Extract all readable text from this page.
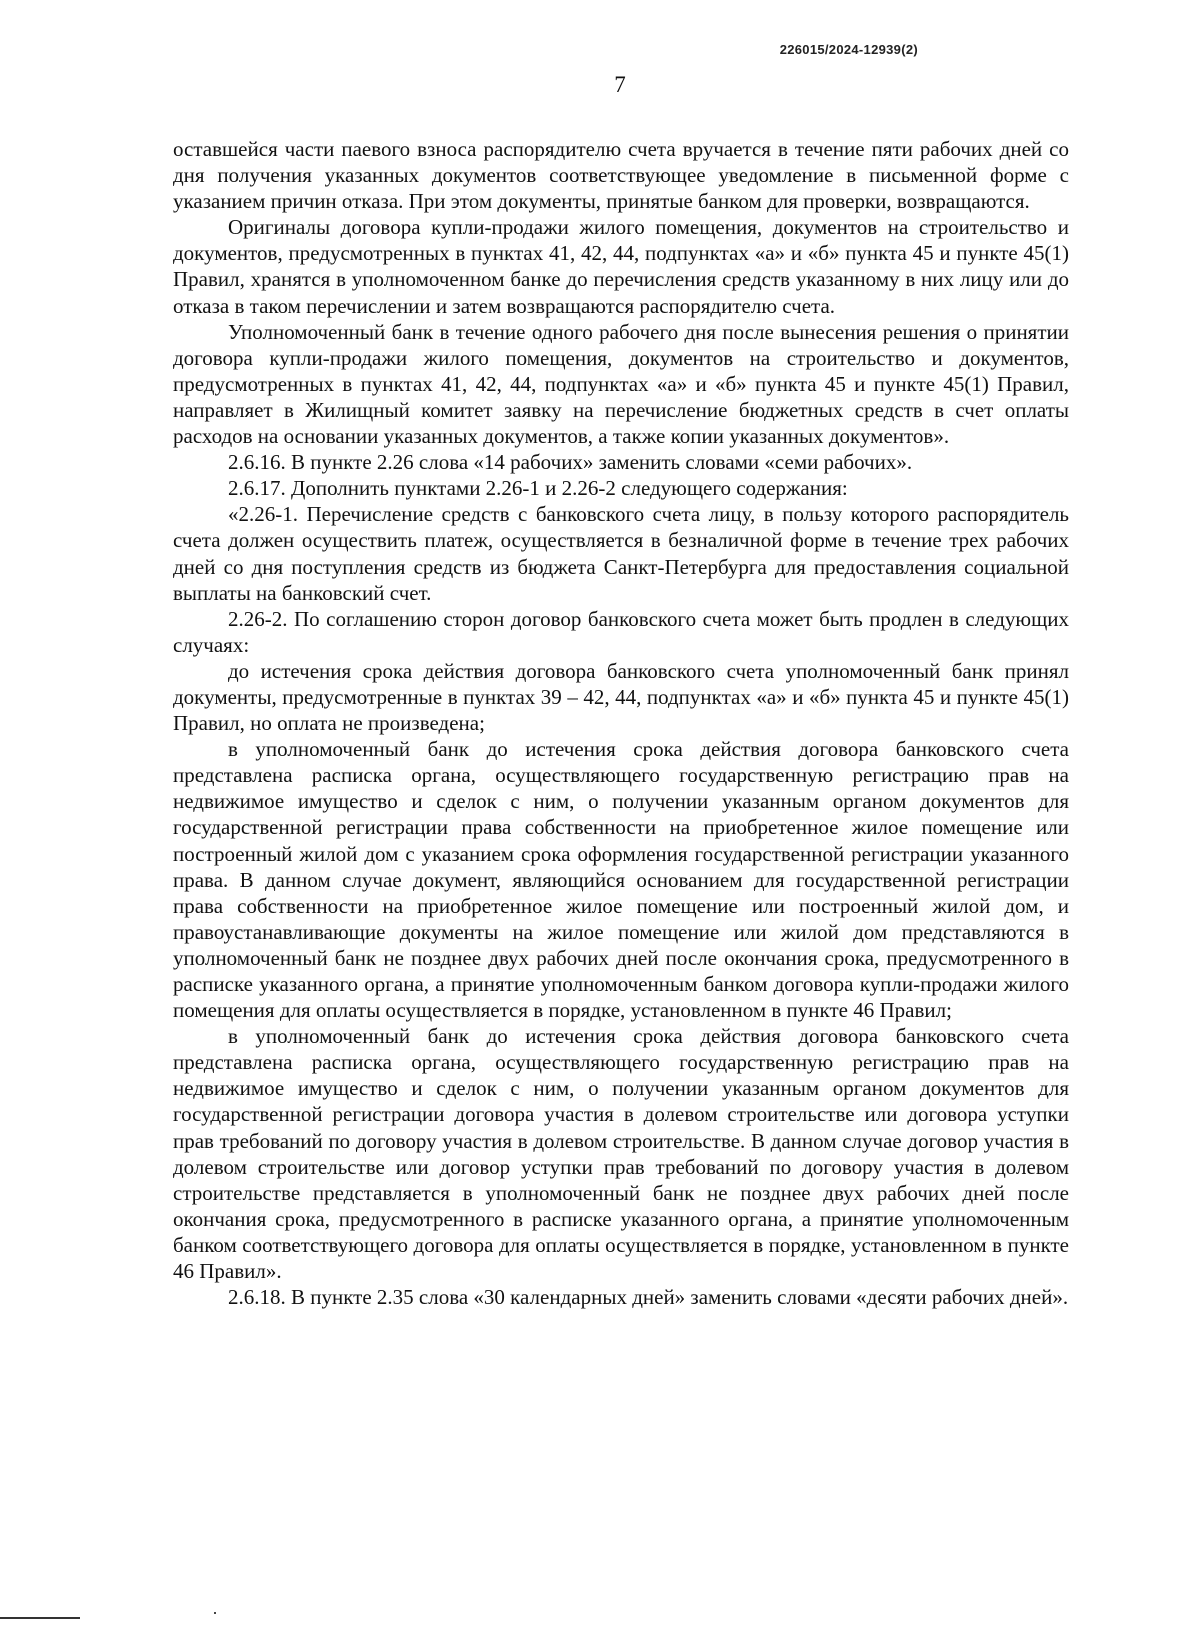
226015/2024-12939(2)
7

оставшейся части паевого взноса распорядителю счета вручается в течение пяти рабочих дней со дня получения указанных документов соответствующее уведомление в письменной форме с указанием причин отказа. При этом документы, принятые банком для проверки, возвращаются.

Оригиналы договора купли-продажи жилого помещения, документов на строительство и документов, предусмотренных в пунктах 41, 42, 44, подпунктах «а» и «б» пункта 45 и пункте 45(1) Правил, хранятся в уполномоченном банке до перечисления средств указанному в них лицу или до отказа в таком перечислении и затем возвращаются распорядителю счета.

Уполномоченный банк в течение одного рабочего дня после вынесения решения о принятии договора купли-продажи жилого помещения, документов на строительство и документов, предусмотренных в пунктах 41, 42, 44, подпунктах «а» и «б» пункта 45 и пункте 45(1) Правил, направляет в Жилищный комитет заявку на перечисление бюджетных средств в счет оплаты расходов на основании указанных документов, а также копии указанных документов».

2.6.16. В пункте 2.26 слова «14 рабочих» заменить словами «семи рабочих».

2.6.17. Дополнить пунктами 2.26-1 и 2.26-2 следующего содержания:

«2.26-1. Перечисление средств с банковского счета лицу, в пользу которого распорядитель счета должен осуществить платеж, осуществляется в безналичной форме в течение трех рабочих дней со дня поступления средств из бюджета Санкт-Петербурга для предоставления социальной выплаты на банковский счет.

2.26-2. По соглашению сторон договор банковского счета может быть продлен в следующих случаях:

до истечения срока действия договора банковского счета уполномоченный банк принял документы, предусмотренные в пунктах 39 – 42, 44, подпунктах «а» и «б» пункта 45 и пункте 45(1) Правил, но оплата не произведена;

в уполномоченный банк до истечения срока действия договора банковского счета представлена расписка органа, осуществляющего государственную регистрацию прав на недвижимое имущество и сделок с ним, о получении указанным органом документов для государственной регистрации права собственности на приобретенное жилое помещение или построенный жилой дом с указанием срока оформления государственной регистрации указанного права. В данном случае документ, являющийся основанием для государственной регистрации права собственности на приобретенное жилое помещение или построенный жилой дом, и правоустанавливающие документы на жилое помещение или жилой дом представляются в уполномоченный банк не позднее двух рабочих дней после окончания срока, предусмотренного в расписке указанного органа, а принятие уполномоченным банком договора купли-продажи жилого помещения для оплаты осуществляется в порядке, установленном в пункте 46 Правил;

в уполномоченный банк до истечения срока действия договора банковского счета представлена расписка органа, осуществляющего государственную регистрацию прав на недвижимое имущество и сделок с ним, о получении указанным органом документов для государственной регистрации договора участия в долевом строительстве или договора уступки прав требований по договору участия в долевом строительстве. В данном случае договор участия в долевом строительстве или договор уступки прав требований по договору участия в долевом строительстве представляется в уполномоченный банк не позднее двух рабочих дней после окончания срока, предусмотренного в расписке указанного органа, а принятие уполномоченным банком соответствующего договора для оплаты осуществляется в порядке, установленном в пункте 46 Правил».

2.6.18. В пункте 2.35 слова «30 календарных дней» заменить словами «десяти рабочих дней».
